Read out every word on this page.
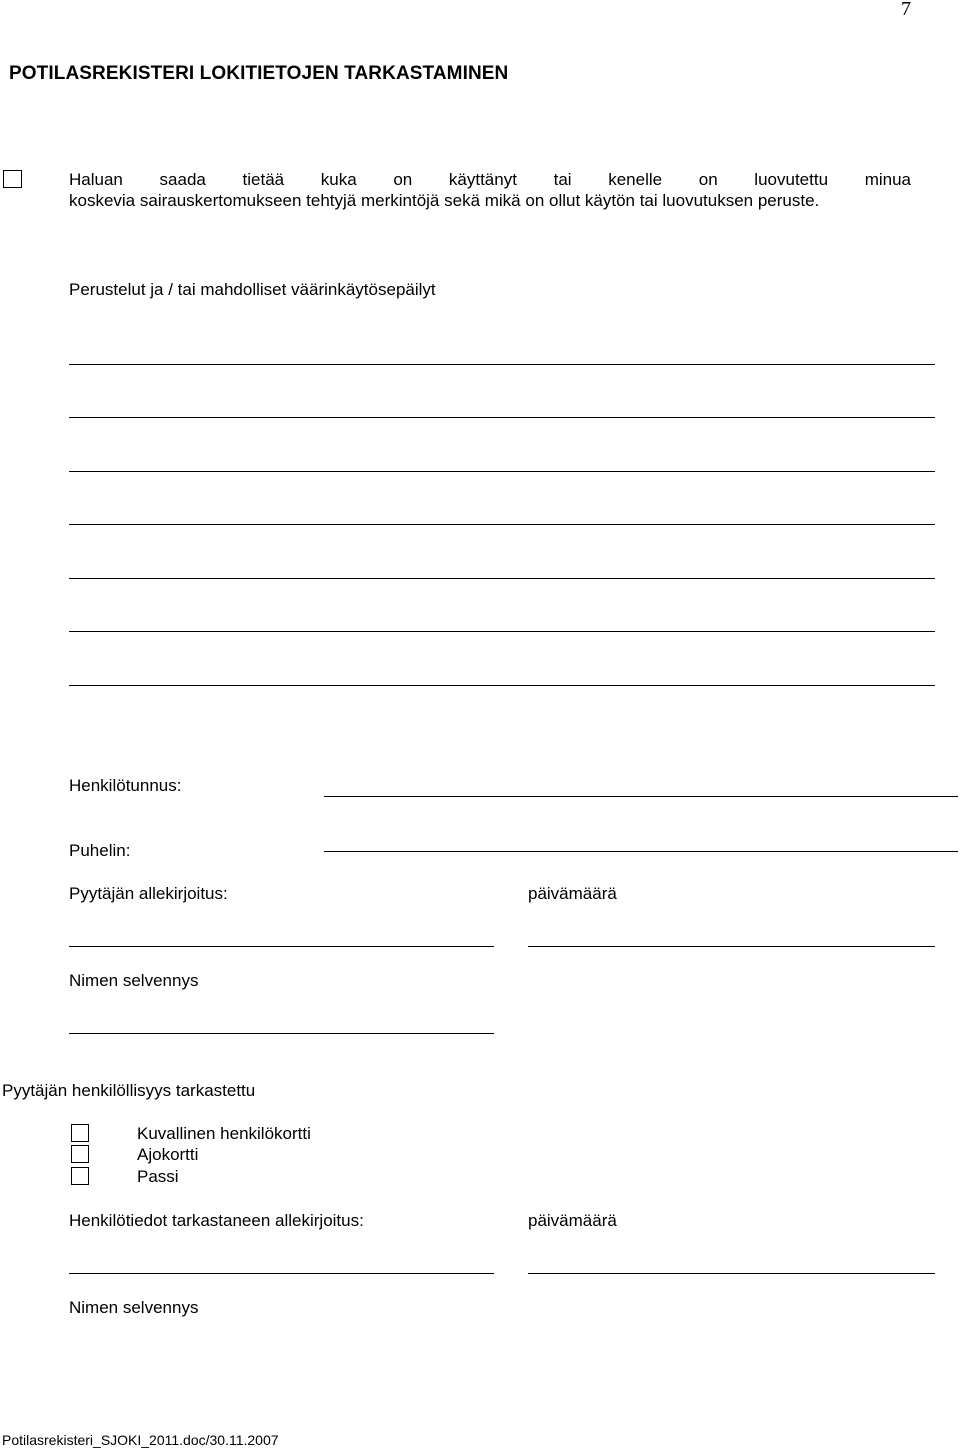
7
POTILASREKISTERI LOKITIETOJEN TARKASTAMINEN
Haluan saada tietää kuka on käyttänyt tai kenelle on luovutettu minua
koskevia sairauskertomukseen tehtyjä merkintöjä sekä mikä on ollut käytön tai luovutuksen peruste.
Perustelut ja / tai mahdolliset väärinkäytösepäilyt
Henkilötunnus:
Puhelin:
Pyytäjän allekirjoitus:	päivämäärä
Nimen selvennys
Pyytäjän henkilöllisyys tarkastettu
Kuvallinen henkilökortti
Ajokortti
Passi
Henkilötiedot tarkastaneen allekirjoitus:	päivämäärä
Nimen selvennys
Potilasrekisteri_SJOKI_2011.doc/30.11.2007
